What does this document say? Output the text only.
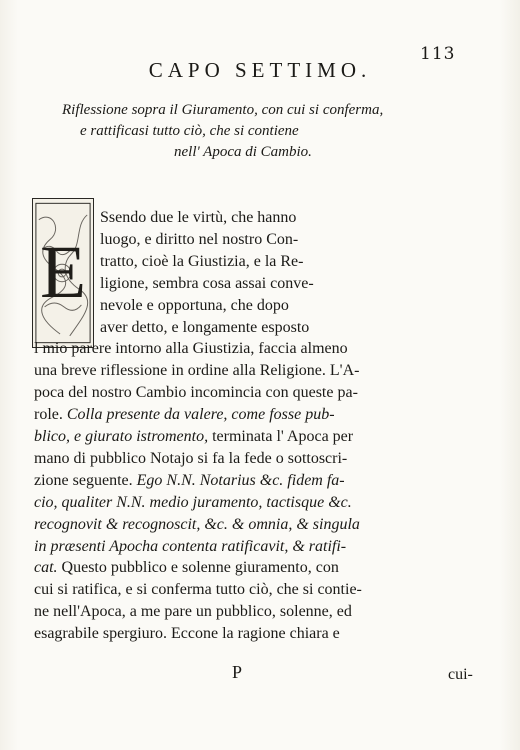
113
CAPO SETTIMO.
Riflessione sopra il Giuramento, con cui si conferma,
e rattificasi tutto ciò, che si contiene
nell' Apoca di Cambio.
E
Ssendo due le virtù, che hanno
luogo, e diritto nel nostro Con-
tratto, cioè la Giustizia, e la Re-
ligione, sembra cosa assai conve-
nevole e opportuna, che dopo
aver detto, e longamente esposto
l mio parere intorno alla Giustizia, faccia almeno
una breve riflessione in ordine alla Religione. L'A-
poca del nostro Cambio incomincia con queste pa-
role. Colla presente da valere, come fosse pub-
blico, e giurato istromento, terminata l' Apoca per
mano di pubblico Notajo si fa la fede o sottoscri-
zione seguente. Ego N.N. Notarius &c. fidem fa-
cio, qualiter N.N. medio juramento, tactisque &c.
recognovit & recognoscit, &c. & omnia, & singula
in præsenti Apocha contenta ratificavit, & ratifi-
cat. Questo pubblico e solenne giuramento, con
cui si ratifica, e si conferma tutto ciò, che si contie-
ne nell'Apoca, a me pare un pubblico, solenne, ed
esagrabile spergiuro. Eccone la ragione chiara e
P	cui-
